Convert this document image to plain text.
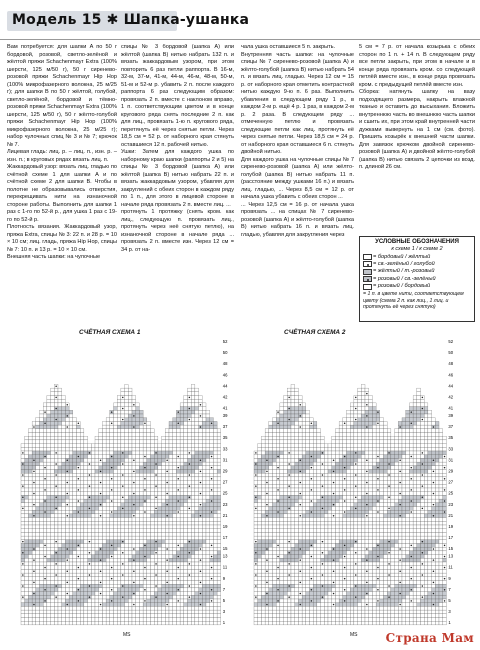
Модель 15 ✱ Шапка-ушанка

Вам потребуется: для шапки A по 50 г бордовой, розовой, светло-зелёной и жёлтой пряжи Schachenmayr Extra (100% шерсти, 125 м/50 г), 50 г сиренево-розовой пряжи Schachenmayr Hip Hop (100% микрофазерного волокна, 25 м/25 г); для шапки B по 50 г жёлтой, голубой, светло-зелёной, бордовой и тёмно-розовой пряжи Schachenmayr Extra (100% шерсти, 125 м/50 г), 50 г жёлто-голубой пряжи Schachenmayr Hip Hop (100% микрофазерного волокна, 25 м/25 г); набор чулочных спиц № 3 и № 7; крючок № 7.

Лицевая гладь: лиц. р. – лиц. п., изн. р. – изн. п.; в круговых рядах вязать лиц. п.

Жаккардовый узор: вязать лиц. гладью по счётной схеме 1 для шапки A и по счётной схеме 2 для шапки B. Чтобы в полотне не образовывались отверстия, перекрещивать нити на изнаночной стороне работы. Выполнить для шапки 1 раз с 1-го по 52-й р., для ушка 1 раз с 19-го по 52-й р.

Плотность вязания. Жаккардовый узор, пряжа Extra, спицы № 3: 22 п. и 28 р. = 10 × 10 см; лиц. гладь, пряжа Hip Hop, спицы № 7: 10 п. и 13 р. = 10 × 10 см.

Внешняя часть шапки: на чулочные

спицы № 3 бордовой (шапка A) или жёлтой (шапка B) нитью набрать 132 п. и вязать жаккардовым узором, при этом повторить 6 раз петли раппорта. В 16-м, 32-м, 37-м, 41-м, 44-м, 46-м, 48-м, 50-м, 51-м и 52-м р. убавить 2 п. после каждого раппорта 6 раз следующим образом: провязать 2 п. вместе с наклоном вправо, 1 п. соответствующим цветом и в конце кругового ряда снять последние 2 п. как для лиц., провязать 1-ю п. кругового ряда, перетянуть её через снятые петли. Через 18,5 см = 52 р. от наборного края стянуть оставшиеся 12 п. рабочей нитью.

Ушки: Затем для каждого ушка по наборному краю шапки (раппорты 2 и 5) на спицы № 3 бордовой (шапка A) или жёлтой (шапка B) нитью набрать 22 п. и вязать жаккардовым узором, убавляя для закруглений с обеих сторон в каждом ряду по 1 п., для этого в лицевой стороне в начале ряда провязать 2 п. вместе лиц. ...

протянуть 1 протяжку (снять кром. как лиц., следующую п. провязать лиц., протянуть через неё снятую петлю), на изнаночной стороне в начале ряда ... провязать 2 п. вместе изн. Через 12 см = 34 р. от на-

чала ушка оставшиеся 5 п. закрыть.

Внутренняя часть шапки: на чулочные спицы № 7 сиренево-розовой (шапка A) и жёлто-голубой (шапка B) нитью набрать 54 п. и вязать лиц. гладью. Через 12 см = 15 р. от наборного края отметить контрастной нитью каждую 9-ю п. 6 раз. Выполнить убавления в следующем ряду 1 р., в каждом 2-м р. ещё 4 р. 1 раз, в каждом 2-м р. 2 раза. В следующем ряду ... отмеченную петлю и провязать следующие петли как лиц. протянуть её через снятые петли. Через 18,5 см = 24 р. от наборного края оставшиеся 6 п. стянуть двойной нитью.

Для каждого ушка на чулочные спицы № 7 сиренево-розовой (шапка A) или жёлто-голубой (шапка B) нитью набрать 11 п. (расстояние между ушками 16 п.) и вязать лиц. гладью, ... Через 8,5 см = 12 р. от начала ушка убавить с обеих сторон ...

... Через 12,5 см = 16 р. от начала ушка провязать ... на спицах № 7 сиренево-розовой (шапка A) и жёлто-голубой (шапка B) нитью набрать 16 п. и вязать лиц. гладью, убавляя для закругления через

5 см = 7 р. от начала козырька с обеих сторон по 1 п. + 14 п. В следующем ряду все петли закрыть, при этом в начале и в конце ряда провязать кром. со следующей петлёй вместе изн., в конце ряда провязать кром. с предыдущей петлёй вместе изн.

Сборка: натянуть шапку на вазу подходящего размера, накрыть влажной тканью и оставить до высыхания. Вложить внутреннюю часть во внешнюю часть шапки и сшить их, при этом край внутренней части дужками вывернуть на 1 см (см. фото). Пришить козырёк к внешней части шапки. Для завязок крючком двойной сиренево-розовой (шапка A) и двойной жёлто-голубой (шапка B) нитью связать 2 цепочки из возд. п. длиной 26 см.

УСЛОВНЫЕ ОБОЗНАЧЕНИЯ
к схеме 1 / к схеме 2
= бордовый
/ жёлтый
= св.-зелёный
/ голубой
= жёлтый
/ т.-розовый
= розовый
/ св.-зелёный
= розовый
/ бордовый
= 1 п. в цвете нити, соответствующем цвету (схема 2 п. как лиц., 1 лиц. и протянуть её через снятую)
52
50
48
46
44
42
41
39
37
35
33
31
29
27
25
23
21
19
17
15
13
11
9
7
5
3
1
СЧЁТНАЯ СХЕМА 1
MS
52
50
48
46
44
42
41
39
37
35
33
31
29
27
25
23
21
19
17
15
13
11
9
7
5
3
1
СЧЁТНАЯ СХЕМА 2
MS Страна Мам
